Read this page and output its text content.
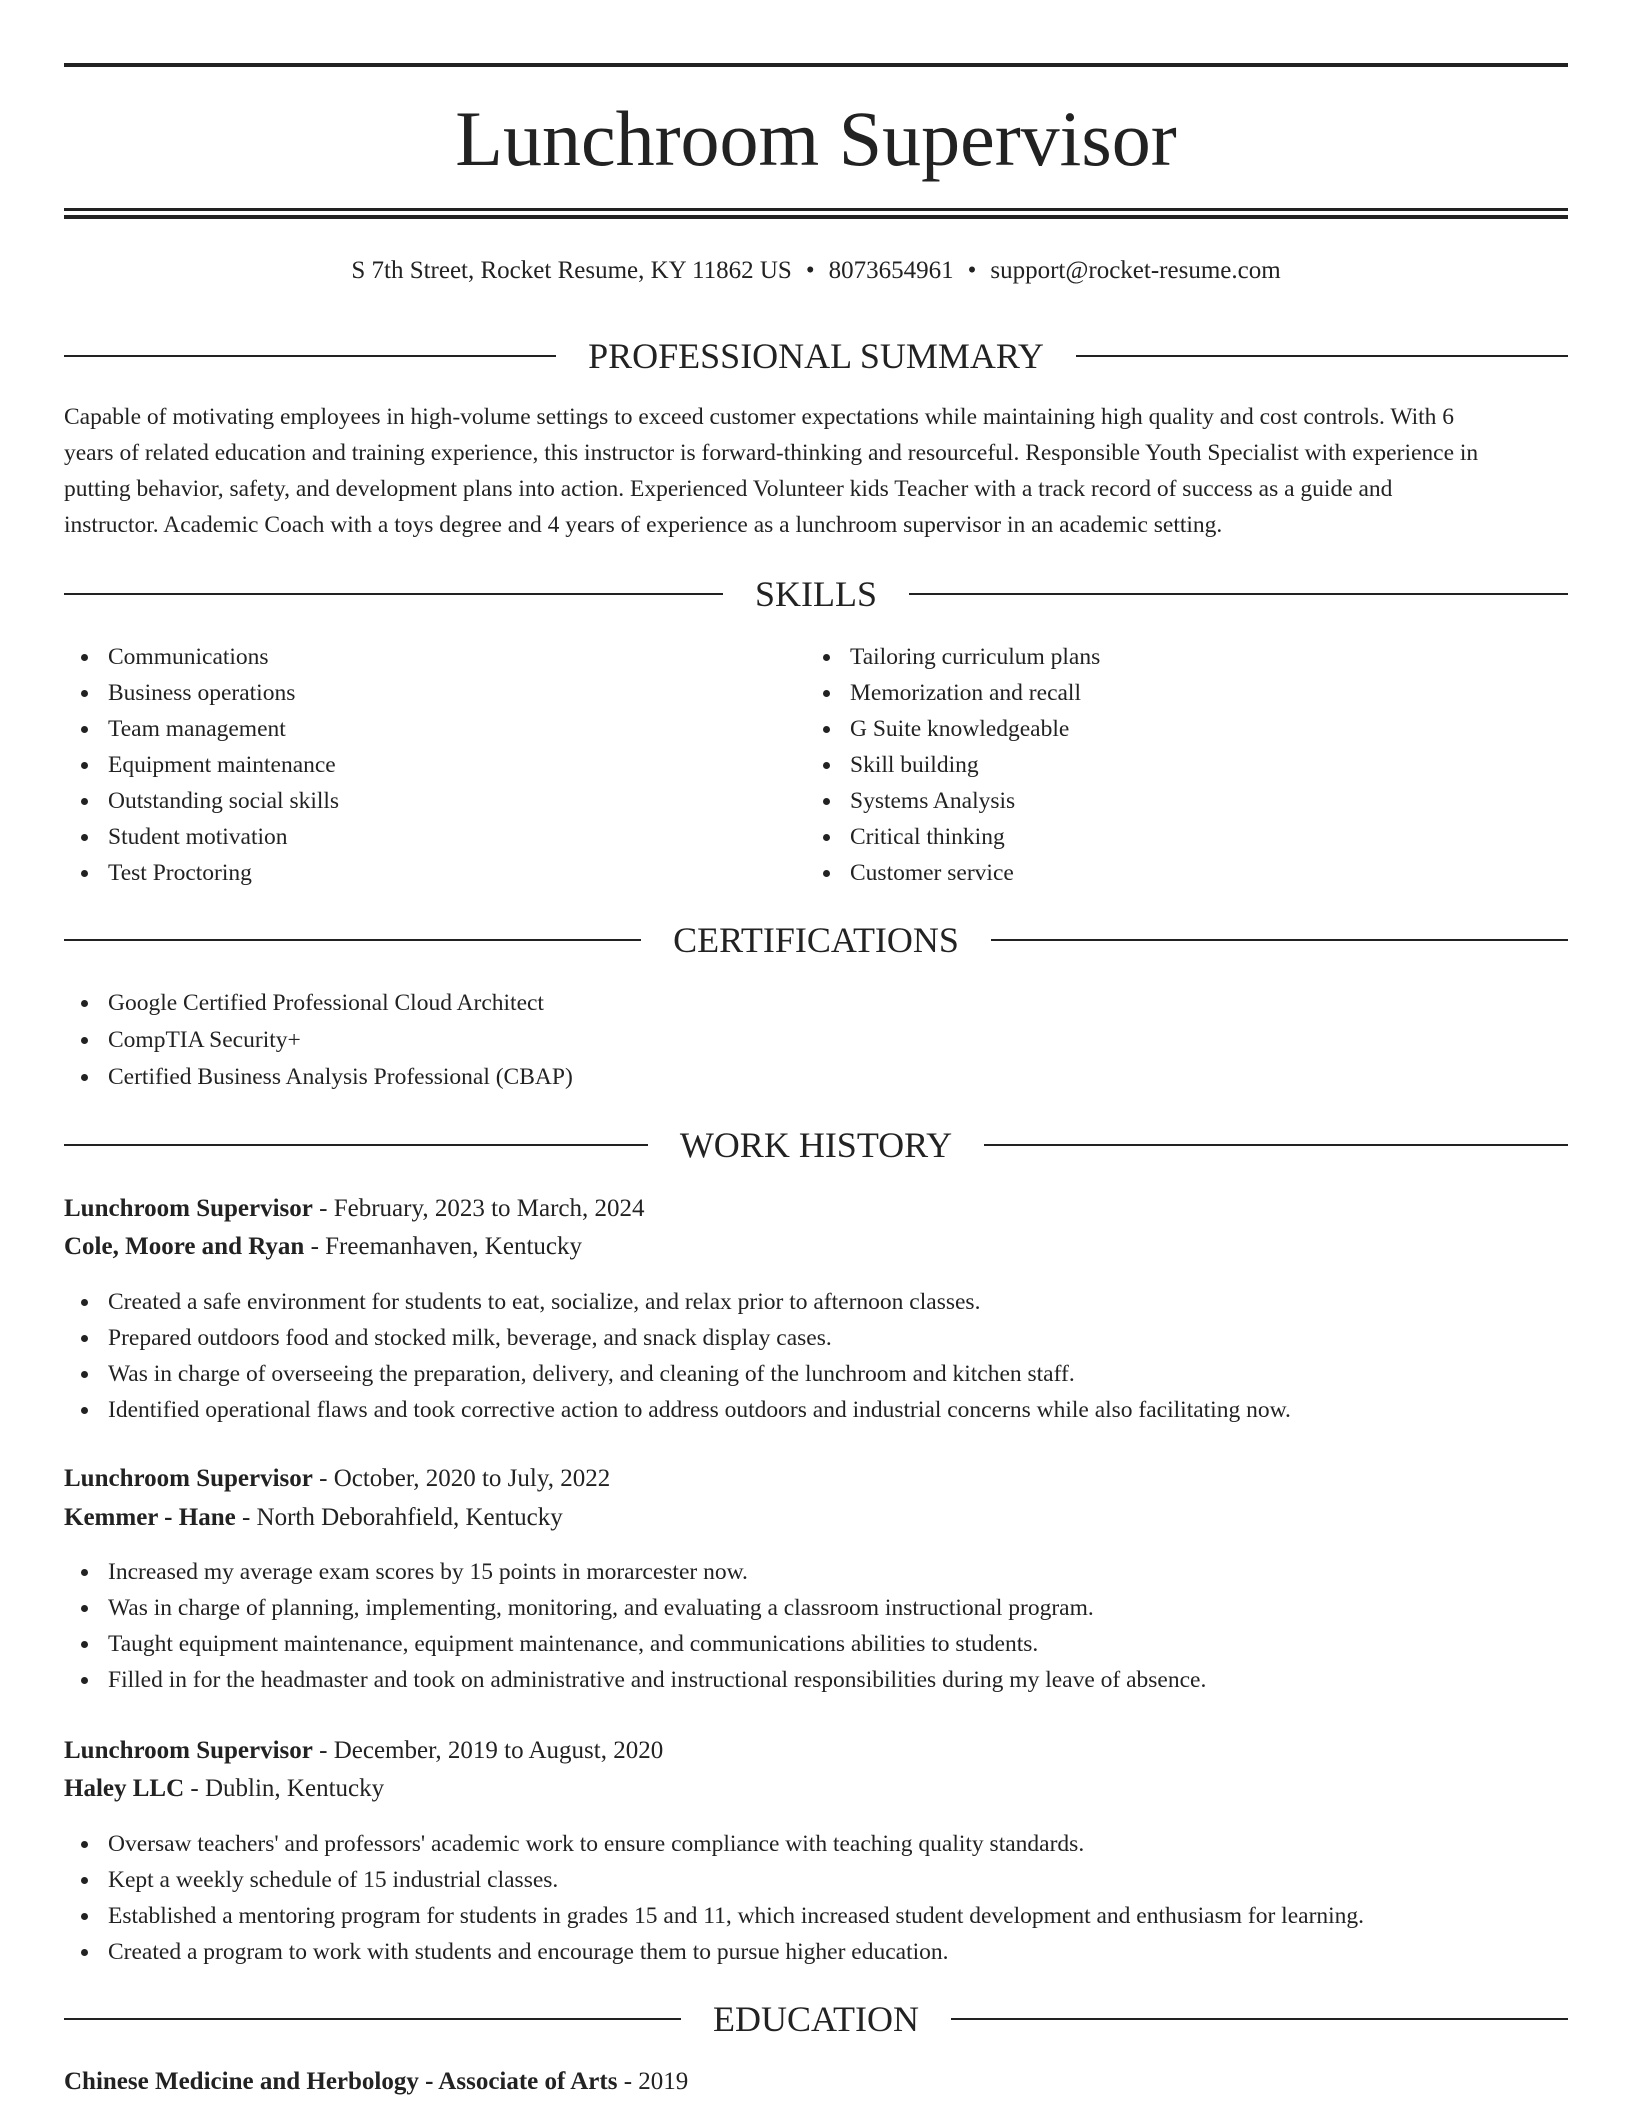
Lunchroom Supervisor
S 7th Street, Rocket Resume, KY 11862 US • 8073654961 • support@rocket-resume.com
PROFESSIONAL SUMMARY
Capable of motivating employees in high-volume settings to exceed customer expectations while maintaining high quality and cost controls. With 6
years of related education and training experience, this instructor is forward-thinking and resourceful. Responsible Youth Specialist with experience in
putting behavior, safety, and development plans into action. Experienced Volunteer kids Teacher with a track record of success as a guide and
instructor. Academic Coach with a toys degree and 4 years of experience as a lunchroom supervisor in an academic setting.
SKILLS
Communications
Business operations
Team management
Equipment maintenance
Outstanding social skills
Student motivation
Test Proctoring
Tailoring curriculum plans
Memorization and recall
G Suite knowledgeable
Skill building
Systems Analysis
Critical thinking
Customer service
CERTIFICATIONS
Google Certified Professional Cloud Architect
CompTIA Security+
Certified Business Analysis Professional (CBAP)
WORK HISTORY
Lunchroom Supervisor - February, 2023 to March, 2024
Cole, Moore and Ryan - Freemanhaven, Kentucky
Created a safe environment for students to eat, socialize, and relax prior to afternoon classes.
Prepared outdoors food and stocked milk, beverage, and snack display cases.
Was in charge of overseeing the preparation, delivery, and cleaning of the lunchroom and kitchen staff.
Identified operational flaws and took corrective action to address outdoors and industrial concerns while also facilitating now.
Lunchroom Supervisor - October, 2020 to July, 2022
Kemmer - Hane - North Deborahfield, Kentucky
Increased my average exam scores by 15 points in morarcester now.
Was in charge of planning, implementing, monitoring, and evaluating a classroom instructional program.
Taught equipment maintenance, equipment maintenance, and communications abilities to students.
Filled in for the headmaster and took on administrative and instructional responsibilities during my leave of absence.
Lunchroom Supervisor - December, 2019 to August, 2020
Haley LLC - Dublin, Kentucky
Oversaw teachers' and professors' academic work to ensure compliance with teaching quality standards.
Kept a weekly schedule of 15 industrial classes.
Established a mentoring program for students in grades 15 and 11, which increased student development and enthusiasm for learning.
Created a program to work with students and encourage them to pursue higher education.
EDUCATION
Chinese Medicine and Herbology - Associate of Arts - 2019
